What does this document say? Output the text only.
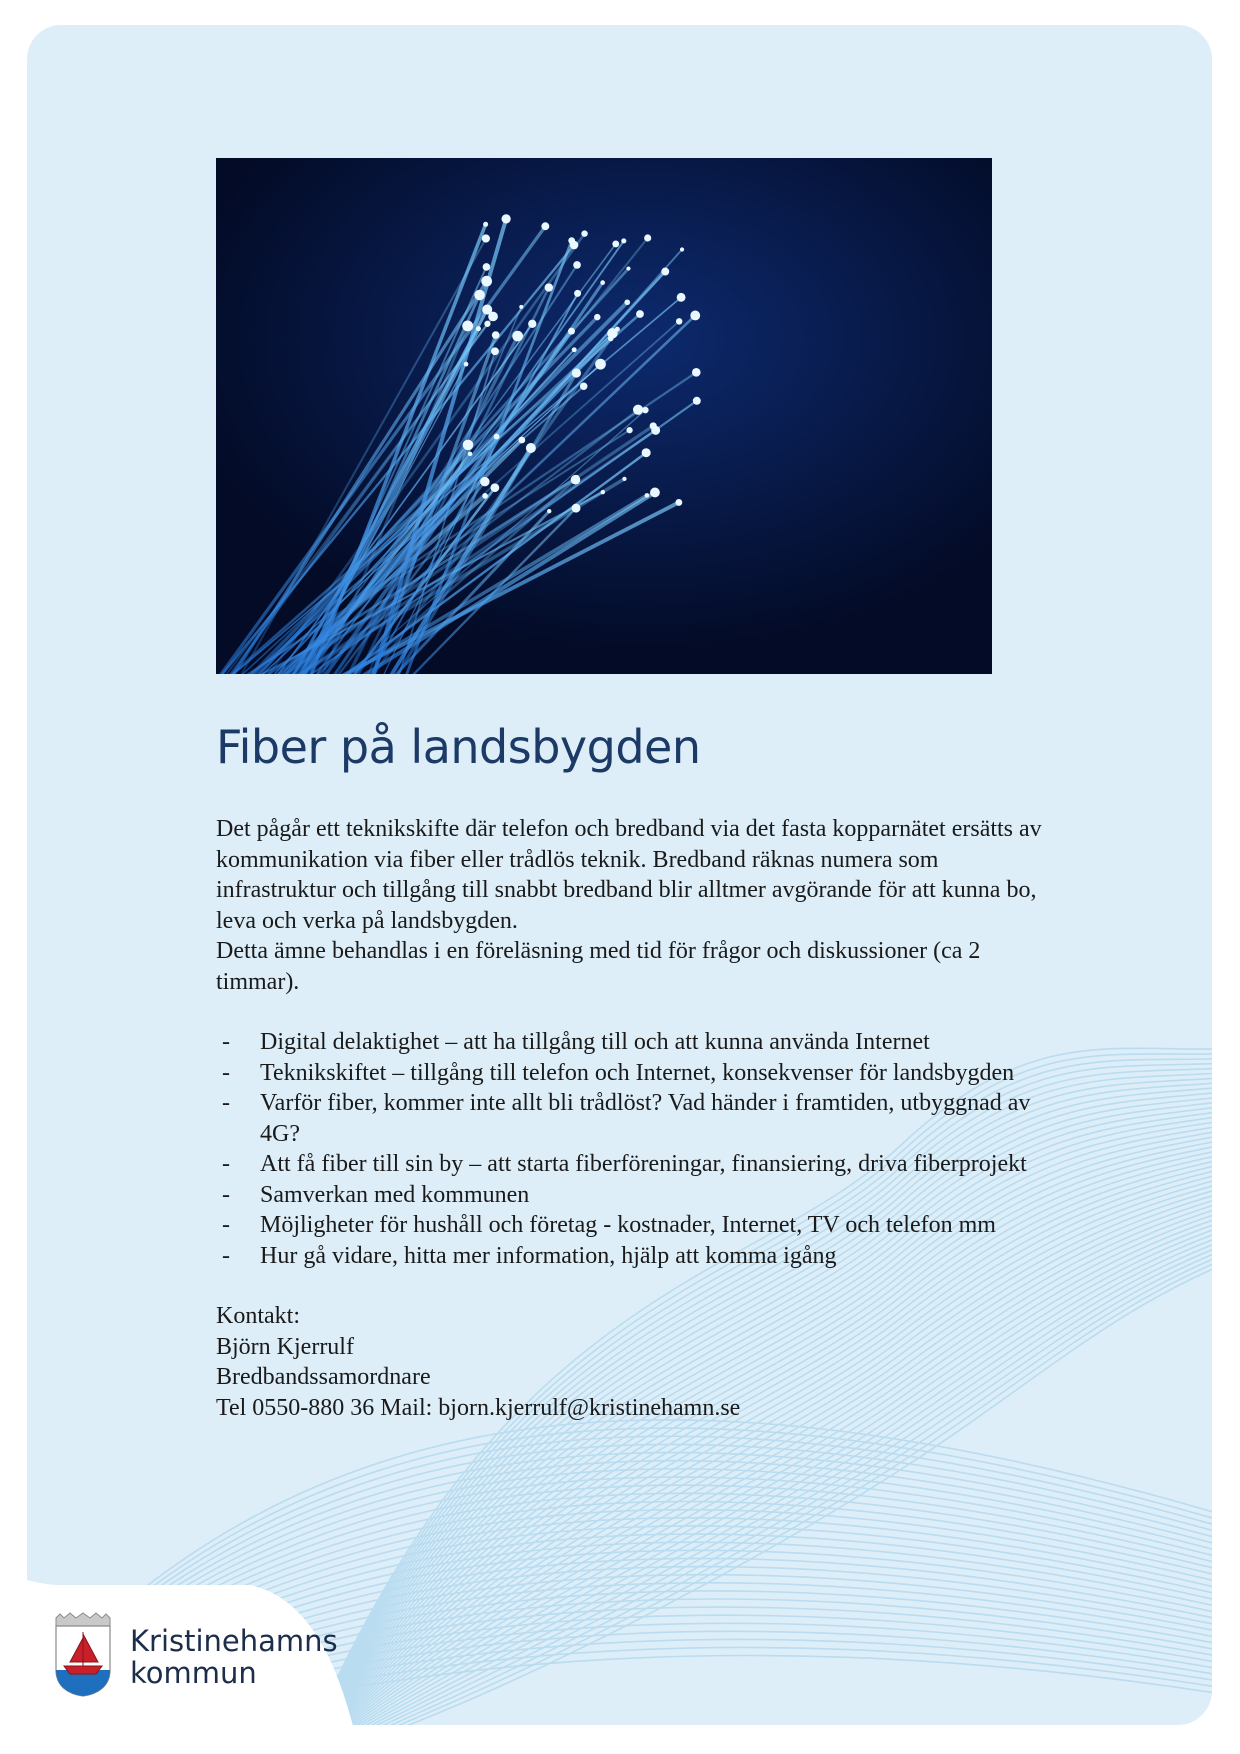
Fiber på landsbygden

Det pågår ett teknikskifte där telefon och bredband via det fasta kopparnätet ersätts av kommunikation via fiber eller trådlös teknik. Bredband räknas numera som infrastruktur och tillgång till snabbt bredband blir alltmer avgörande för att kunna bo, leva och verka på landsbygden.

Detta ämne behandlas i en föreläsning med tid för frågor och diskussioner (ca 2 timmar).

- Digital delaktighet – att ha tillgång till och att kunna använda Internet
- Teknikskiftet – tillgång till telefon och Internet, konsekvenser för landsbygden
- Varför fiber, kommer inte allt bli trådlöst? Vad händer i framtiden, utbyggnad av 4G?
- Att få fiber till sin by – att starta fiberföreningar, finansiering, driva fiberprojekt
- Samverkan med kommunen
- Möjligheter för hushåll och företag - kostnader, Internet, TV och telefon mm
- Hur gå vidare, hitta mer information, hjälp att komma igång
Kontakt:
Björn Kjerrulf
Bredbandssamordnare
Tel 0550-880 36 Mail: bjorn.kjerrulf@kristinehamn.se
Kristinehamns
kommun
